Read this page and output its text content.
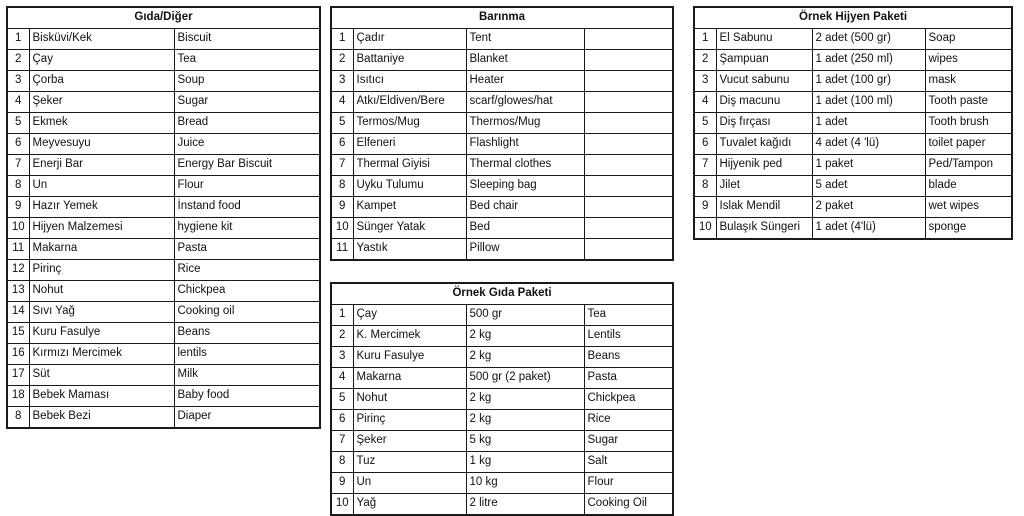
Gıda/Diğer		
1	Bisküvi/Kek	Biscuit
2	Çay	Tea
3	Çorba	Soup
4	Şeker	Sugar
5	Ekmek	Bread
6	Meyvesuyu	Juice
7	Enerji Bar	Energy Bar Biscuit
8	Un	Flour
9	Hazır Yemek	İnstand food
10	Hijyen Malzemesi	hygiene kit
11	Makarna	Pasta
12	Pirinç	Rice
13	Nohut	Chickpea
14	Sıvı Yağ	Cooking oil
15	Kuru Fasulye	Beans
16	Kırmızı Mercimek	lentils
17	Süt	Milk
18	Bebek Maması	Baby food
8	Bebek Bezi	Diaper
Barınma			
1	Çadır	Tent	
2	Battaniye	Blanket	
3	Isıtıcı	Heater	
4	Atkı/Eldiven/Bere	scarf/glowes/hat	
5	Termos/Mug	Thermos/Mug	
6	Elfeneri	Flashlight	
7	Thermal Giyisi	Thermal clothes	
8	Uyku Tulumu	Sleeping bag	
9	Kampet	Bed chair	
10	Sünger Yatak	Bed	
11	Yastık	Pillow	
Örnek Gıda Paketi			
1	Çay	500 gr	Tea
2	K. Mercimek	2 kg	Lentils
3	Kuru Fasulye	2 kg	Beans
4	Makarna	500 gr (2 paket)	Pasta
5	Nohut	2 kg	Chickpea
6	Pirinç	2 kg	Rice
7	Şeker	5 kg	Sugar
8	Tuz	1 kg	Salt
9	Un	10 kg	Flour
10	Yağ	2 litre	Cooking Oil
Örnek Hijyen Paketi			
1	El Sabunu	2 adet (500 gr)	Soap
2	Şampuan	1 adet (250 ml)	wipes
3	Vucut sabunu	1 adet (100 gr)	mask
4	Diş macunu	1 adet (100 ml)	Tooth paste
5	Diş fırçası	1 adet	Tooth brush
6	Tuvalet kağıdı	4 adet (4 'lü)	toilet paper
7	Hijyenik ped	1 paket	Ped/Tampon
8	Jilet	5 adet	blade
9	Islak Mendil	2 paket	wet wipes
10	Bulaşık Süngeri	1 adet (4'lü)	sponge
